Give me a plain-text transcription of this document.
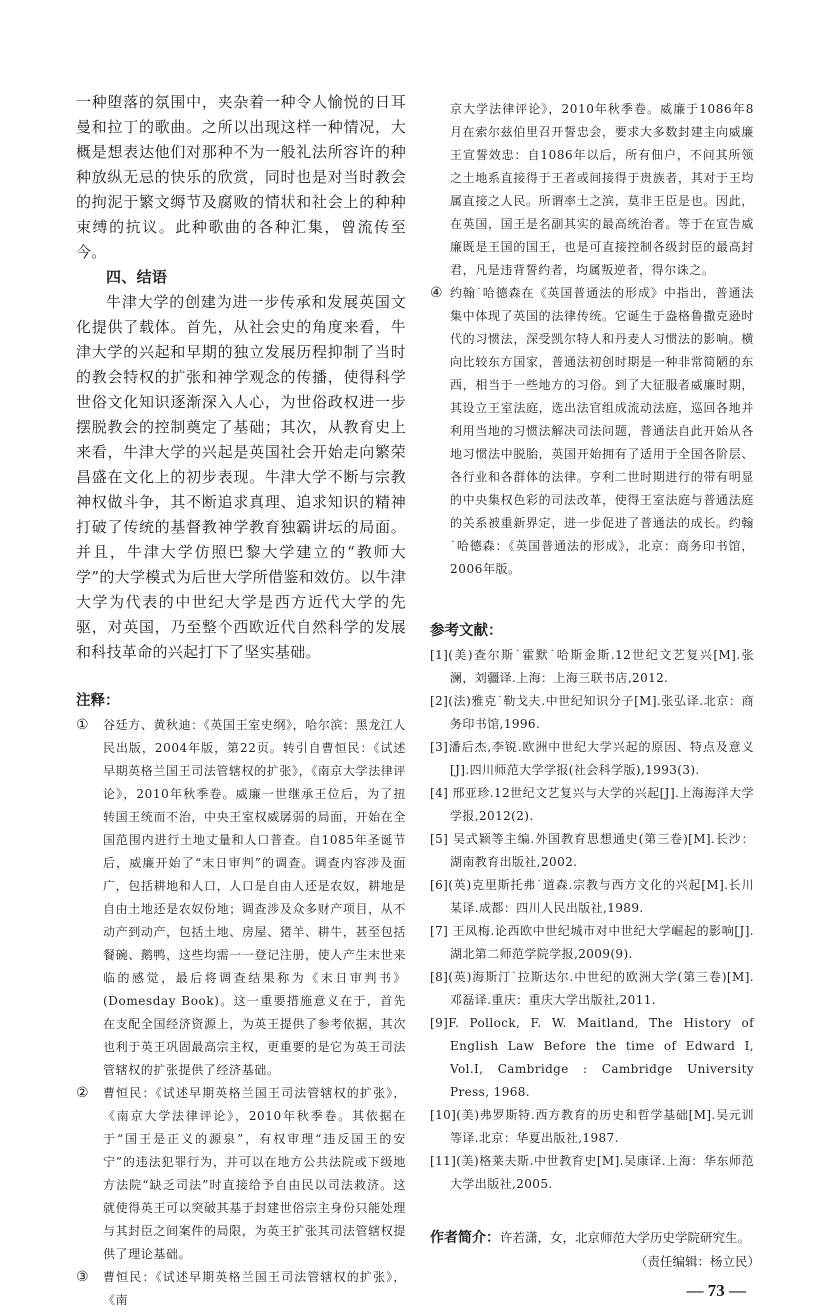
一种堕落的氛围中，夹杂着一种令人愉悦的日耳曼和拉丁的歌曲。之所以出现这样一种情况，大概是想表达他们对那种不为一般礼法所容许的种种放纵无忌的快乐的欣赏，同时也是对当时教会的拘泥于繁文缛节及腐败的情状和社会上的种种束缚的抗议。此种歌曲的各种汇集，曾流传至今。

四、结语

牛津大学的创建为进一步传承和发展英国文化提供了载体。首先，从社会史的角度来看，牛津大学的兴起和早期的独立发展历程抑制了当时的教会特权的扩张和神学观念的传播，使得科学世俗文化知识逐渐深入人心，为世俗政权进一步摆脱教会的控制奠定了基础；其次，从教育史上来看，牛津大学的兴起是英国社会开始走向繁荣昌盛在文化上的初步表现。牛津大学不断与宗教神权做斗争，其不断追求真理、追求知识的精神打破了传统的基督教神学教育独霸讲坛的局面。并且，牛津大学仿照巴黎大学建立的“教师大学”的大学模式为后世大学所借鉴和效仿。以牛津大学为代表的中世纪大学是西方近代大学的先驱，对英国，乃至整个西欧近代自然科学的发展和科技革命的兴起打下了坚实基础。

注释：

① 谷廷方、黄秋迪：《英国王室史纲》，哈尔滨：黑龙江人民出版，2004年版，第22页。转引自曹恒民：《试述早期英格兰国王司法管辖权的扩张》，《南京大学法律评论》，2010年秋季卷。威廉一世继承王位后，为了扭转国王统而不治，中央王室权威孱弱的局面，开始在全国范围内进行土地丈量和人口普查。自1085年圣诞节后，威廉开始了“末日审判”的调查。调查内容涉及面广，包括耕地和人口，人口是自由人还是农奴，耕地是自由土地还是农奴份地；调查涉及众多财产项目，从不动产到动产，包括土地、房屋、猪羊、耕牛，甚至包括餐碗、鹅鸭，这些均需一一登记注册，使人产生末世来临的感觉，最后将调查结果称为《末日审判书》(Domesday Book)。这一重要措施意义在于，首先在支配全国经济资源上，为英王提供了参考依据，其次也利于英王巩固最高宗主权，更重要的是它为英王司法管辖权的扩张提供了经济基础。

② 曹恒民：《试述早期英格兰国王司法管辖权的扩张》，《南京大学法律评论》，2010年秋季卷。其依据在于“国王是正义的源泉”，有权审理“违反国王的安宁”的违法犯罪行为，并可以在地方公共法院或下级地方法院“缺乏司法”时直接给予自由民以司法救济。这就使得英王可以突破其基于封建世俗宗主身份只能处理与其封臣之间案件的局限，为英王扩张其司法管辖权提供了理论基础。

③ 曹恒民：《试述早期英格兰国王司法管辖权的扩张》，《南

京大学法律评论》，2010年秋季卷。威廉于1086年8月在索尔兹伯里召开誓忠会，要求大多数封建主向威廉王宣誓效忠：自1086年以后，所有佃户，不问其所领之土地系直接得于王者或间接得于贵族者，其对于王均属直接之人民。所谓率土之滨，莫非王臣是也。因此，在英国，国王是名副其实的最高统治者。等于在宣告威廉既是王国的国王，也是可直接控制各级封臣的最高封君，凡是违背誓约者，均属叛逆者，得尔诛之。

④ 约翰˙哈德森在《英国普通法的形成》中指出，普通法集中体现了英国的法律传统。它诞生于盎格鲁撒克逊时代的习惯法，深受凯尔特人和丹麦人习惯法的影响。横向比较东方国家，普通法初创时期是一种非常简陋的东西，相当于一些地方的习俗。到了大征服者威廉时期，其设立王室法庭，选出法官组成流动法庭，巡回各地并利用当地的习惯法解决司法问题，普通法自此开始从各地习惯法中脱胎，英国开始拥有了适用于全国各阶层、各行业和各群体的法律。亨利二世时期进行的带有明显的中央集权色彩的司法改革，使得王室法庭与普通法庭的关系被重新界定，进一步促进了普通法的成长。约翰˙哈德森：《英国普通法的形成》，北京：商务印书馆，2006年版。

参考文献：

[1](美)查尔斯˙霍默˙哈斯金斯.12世纪文艺复兴[M].张澜，刘疆译.上海：上海三联书店,2012.

[2](法)雅克˙勒戈夫.中世纪知识分子[M].张弘译.北京：商务印书馆,1996.

[3]潘后杰,李锐.欧洲中世纪大学兴起的原因、特点及意义[J].四川师范大学学报(社会科学版),1993(3).

[4] 邢亚珍.12世纪文艺复兴与大学的兴起[J].上海海洋大学学报,2012(2).

[5] 吴式颖等主编.外国教育思想通史(第三卷)[M].长沙：湖南教育出版社,2002.

[6](英)克里斯托弗˙道森.宗教与西方文化的兴起[M].长川某译.成都：四川人民出版社,1989.

[7] 王凤梅.论西欧中世纪城市对中世纪大学崛起的影响[J].湖北第二师范学院学报,2009(9).

[8](英)海斯汀˙拉斯达尔.中世纪的欧洲大学(第三卷)[M].邓磊译.重庆：重庆大学出版社,2011.

[9]F. Pollock, F. W. Maitland, The History of English Law Before the time of Edward I, Vol.I, Cambridge : Cambridge University Press, 1968.

[10](美)弗罗斯特.西方教育的历史和哲学基础[M].吴元训等译.北京：华夏出版社,1987.

[11](美)格莱夫斯.中世教育史[M].吴康译.上海：华东师范大学出版社,2005.

作者简介：许若潇，女，北京师范大学历史学院研究生。

（责任编辑：杨立民）

— 73 —
